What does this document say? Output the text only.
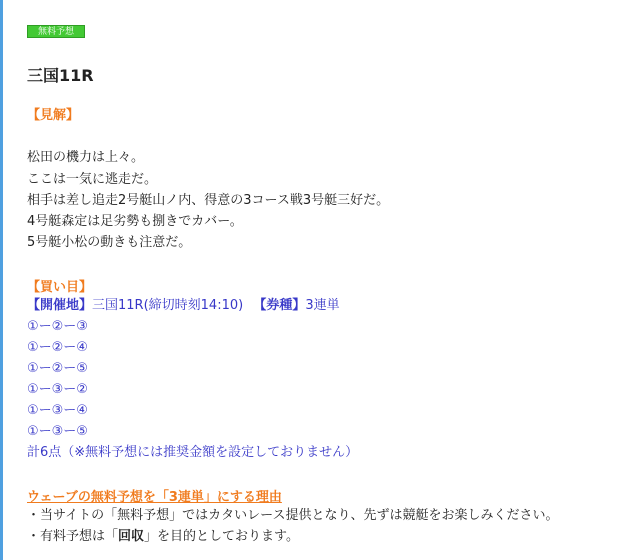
無料予想
三国11R
【見解】
松田の機力は上々。
ここは一気に逃走だ。
相手は差し追走2号艇山ノ内、得意の3コース戦3号艇三好だ。
4号艇森定は足劣勢も捌きでカバー。
5号艇小松の動きも注意だ。
【買い目】
【開催地】三国11R(締切時刻14:10) 【券種】3連単
①ー②ー③
①ー②ー④
①ー②ー⑤
①ー③ー②
①ー③ー④
①ー③ー⑤
計6点（※無料予想には推奨金額を設定しておりません）
ウェーブの無料予想を「3連単」にする理由
・当サイトの「無料予想」ではカタいレース提供となり、先ずは競艇をお楽しみください。
・有料予想は「回収」を目的としております。
